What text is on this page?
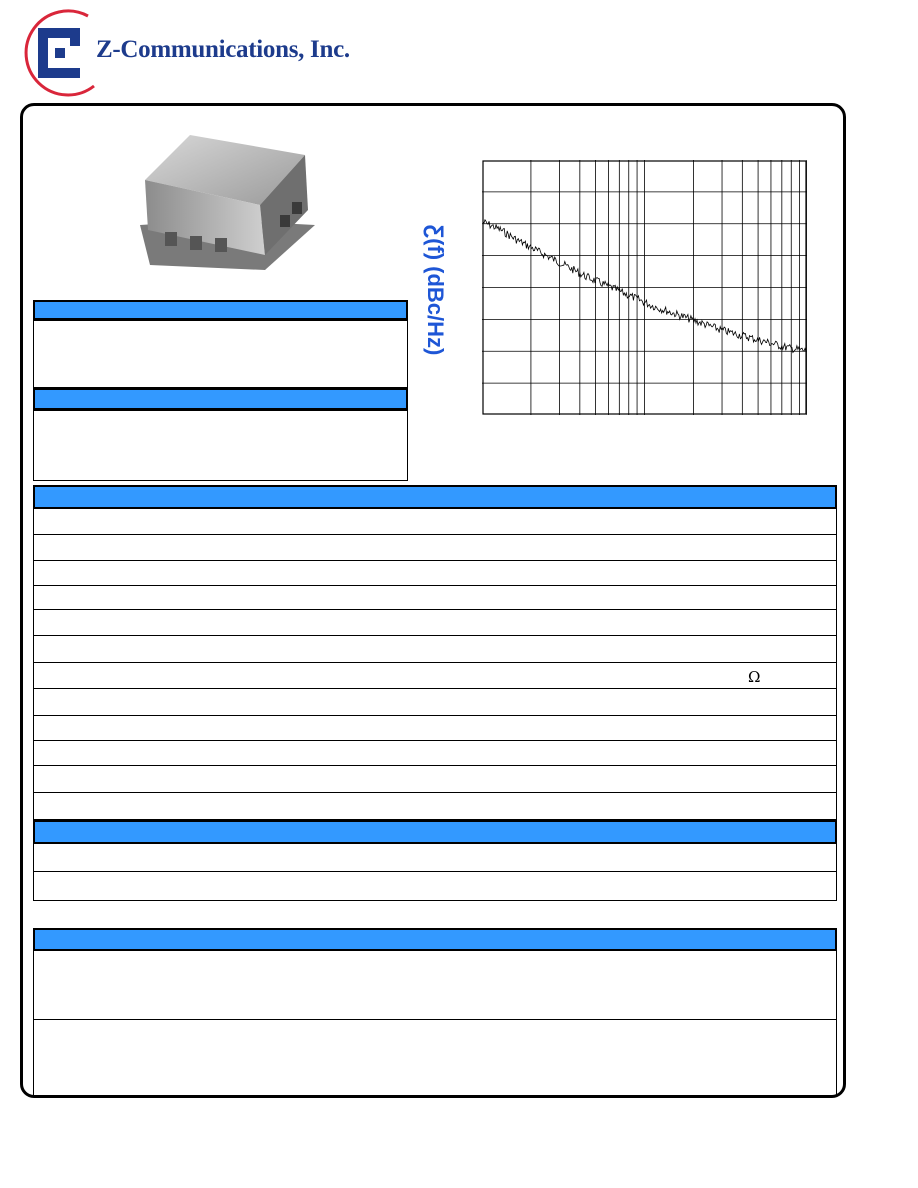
Z-Communications, Inc.
Ƹ(f) (dBc/Hz)
Ω
